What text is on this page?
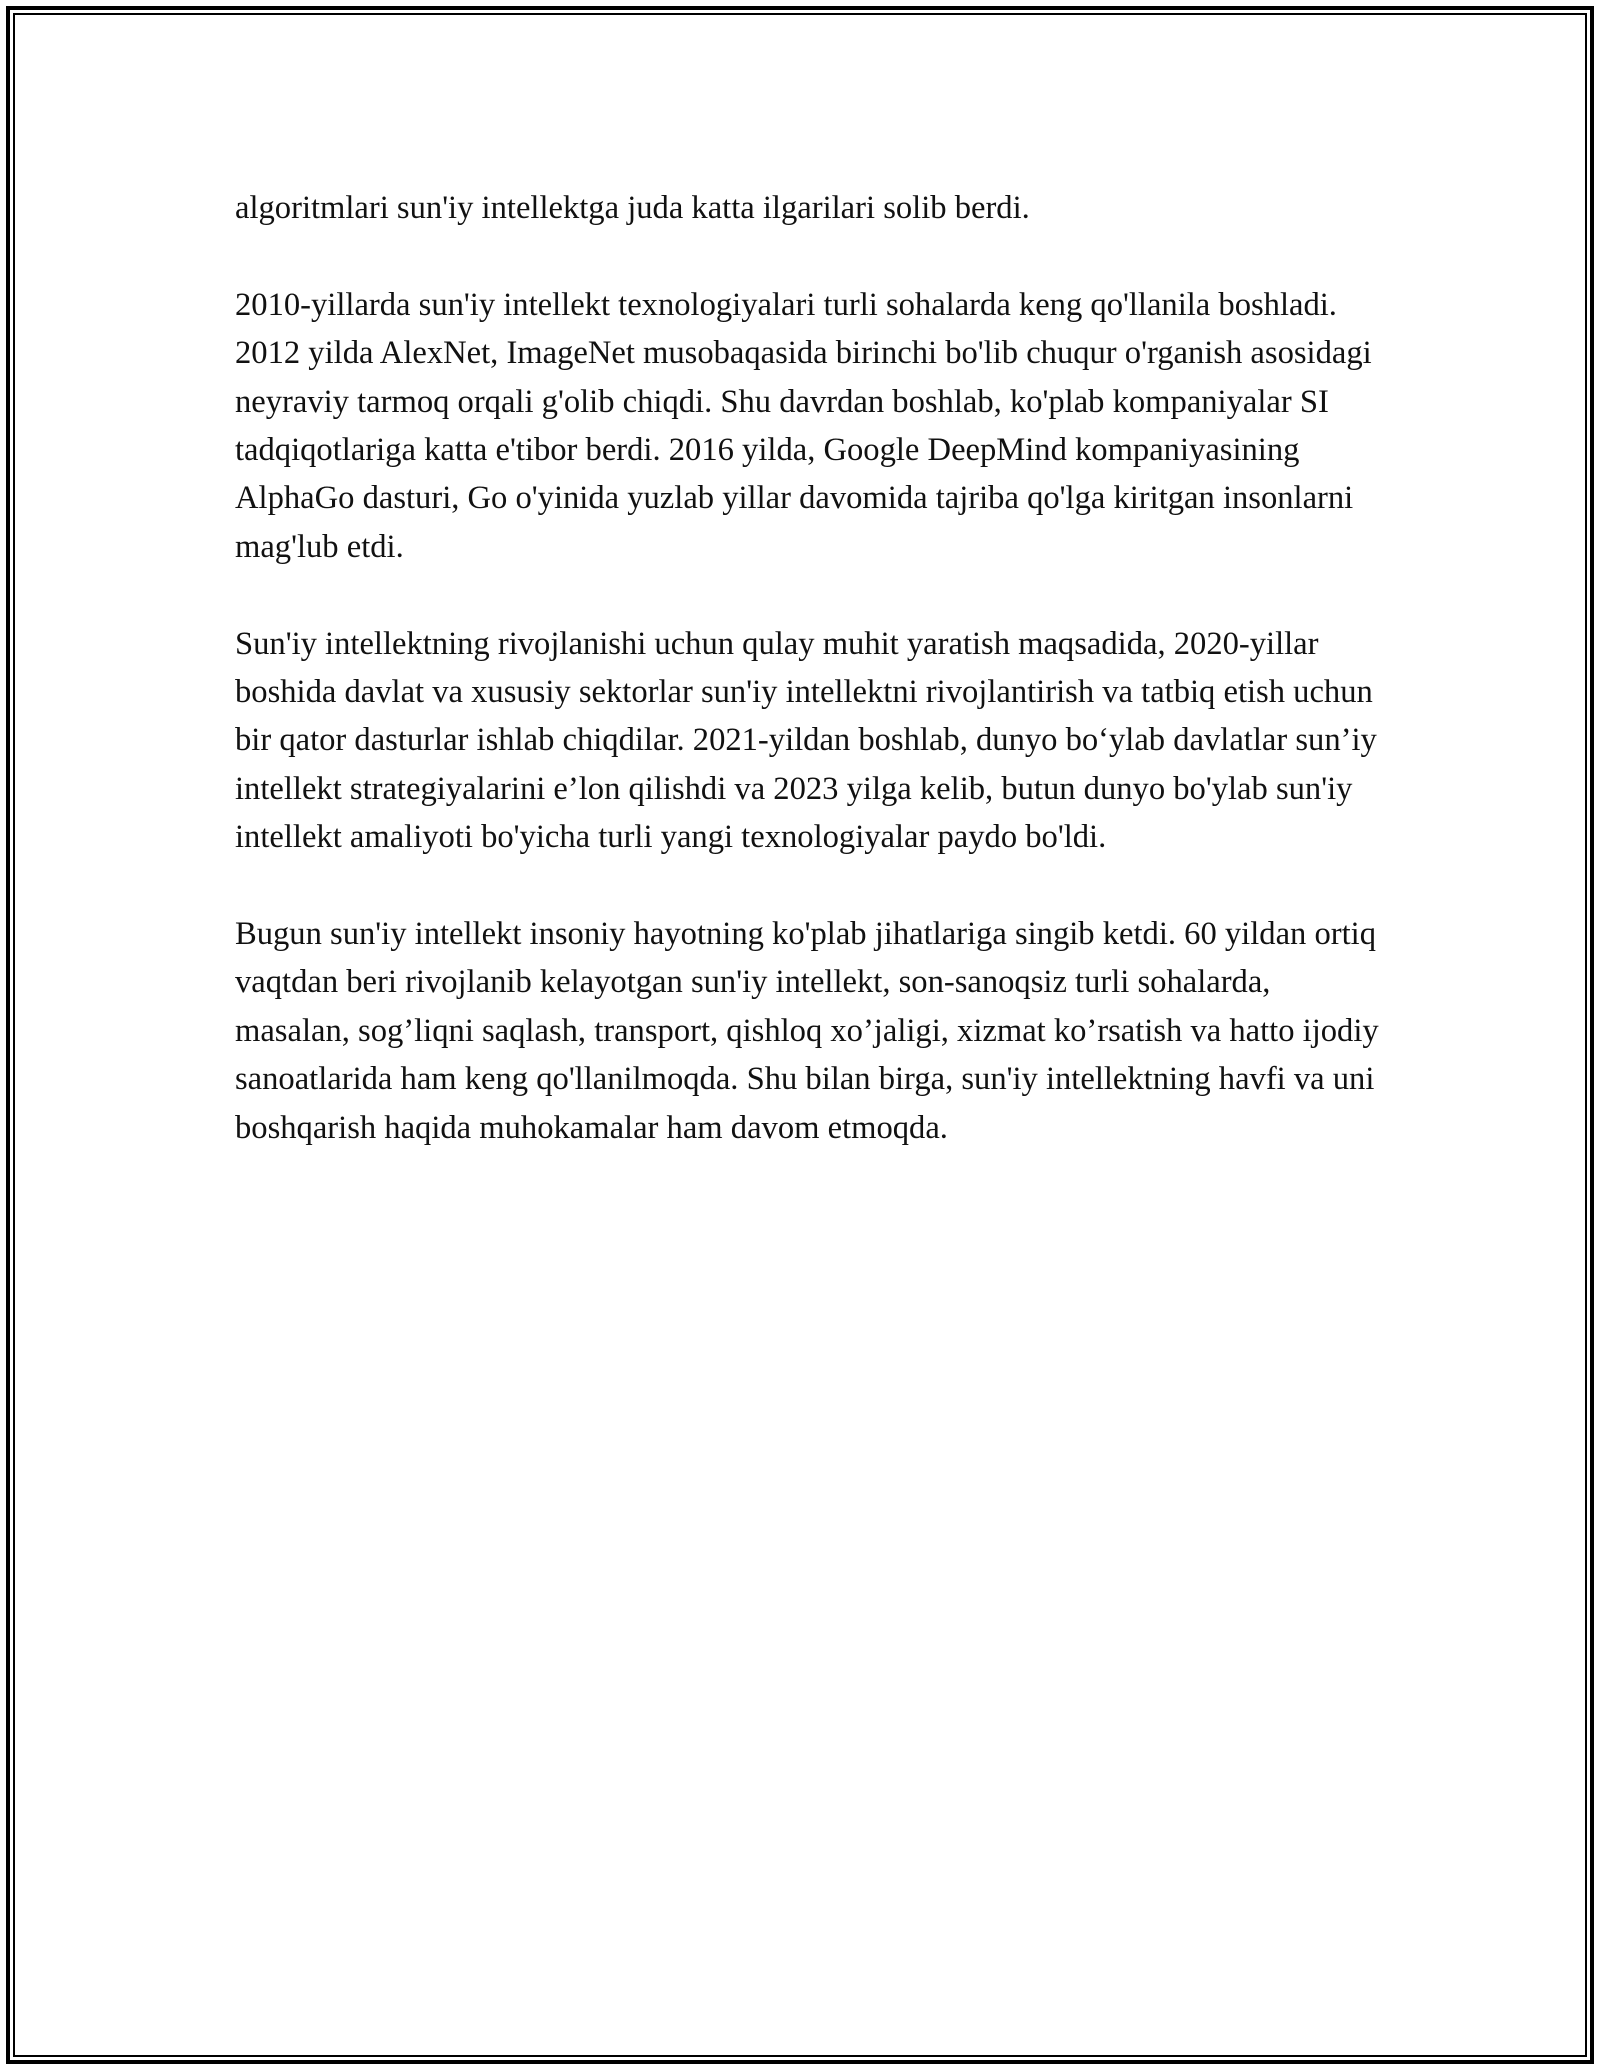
algoritmlari sun'iy intellektga juda katta ilgarilari solib berdi.

2010-yillarda sun'iy intellekt texnologiyalari turli sohalarda keng qo'llanila boshladi. 2012 yilda AlexNet, ImageNet musobaqasida birinchi bo'lib chuqur o'rganish asosidagi neyraviy tarmoq orqali g'olib chiqdi. Shu davrdan boshlab, ko'plab kompaniyalar SI tadqiqotlariga katta e'tibor berdi. 2016 yilda, Google DeepMind kompaniyasining AlphaGo dasturi, Go o'yinida yuzlab yillar davomida tajriba qo'lga kiritgan insonlarni mag'lub etdi.

Sun'iy intellektning rivojlanishi uchun qulay muhit yaratish maqsadida, 2020-yillar boshida davlat va xususiy sektorlar sun'iy intellektni rivojlantirish va tatbiq etish uchun bir qator dasturlar ishlab chiqdilar. 2021-yildan boshlab, dunyo bo‘ylab davlatlar sun’iy intellekt strategiyalarini e’lon qilishdi va 2023 yilga kelib, butun dunyo bo'ylab sun'iy intellekt amaliyoti bo'yicha turli yangi texnologiyalar paydo bo'ldi.

Bugun sun'iy intellekt insoniy hayotning ko'plab jihatlariga singib ketdi. 60 yildan ortiq vaqtdan beri rivojlanib kelayotgan sun'iy intellekt, son-sanoqsiz turli sohalarda, masalan, sog’liqni saqlash, transport, qishloq xo’jaligi, xizmat ko’rsatish va hatto ijodiy sanoatlarida ham keng qo'llanilmoqda. Shu bilan birga, sun'iy intellektning havfi va uni boshqarish haqida muhokamalar ham davom etmoqda.
